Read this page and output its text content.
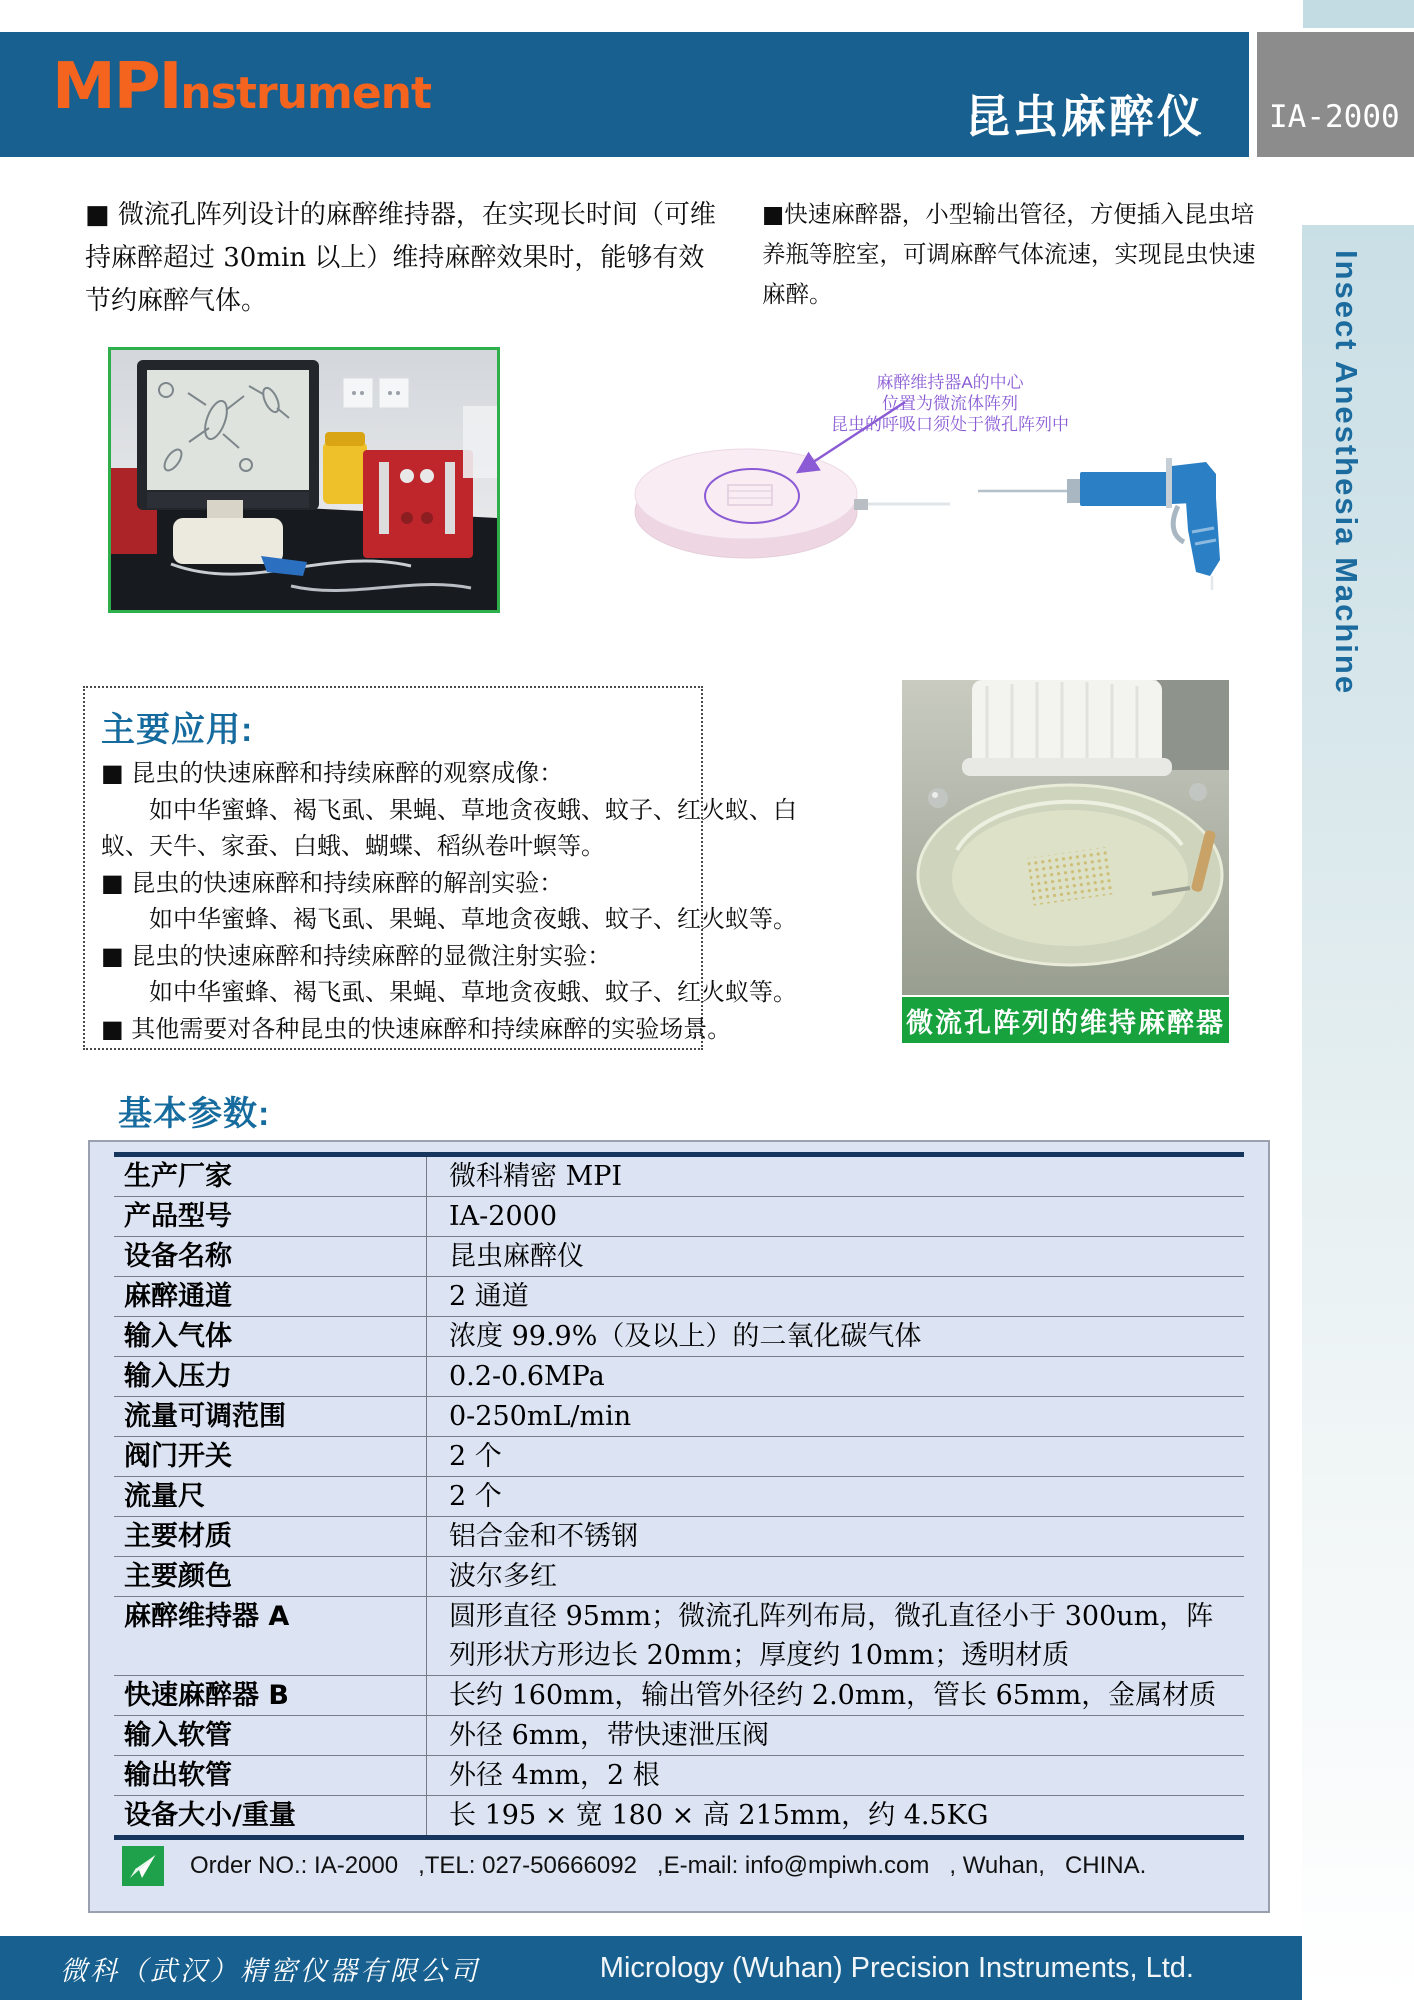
MPInstrument	昆虫麻醉仪 IA-2000
■ 微流孔阵列设计的麻醉维持器，在实现长时间（可维持麻醉超过 30min 以上）维持麻醉效果时，能够有效节约麻醉气体。
■快速麻醉器，小型输出管径，方便插入昆虫培养瓶等腔室，可调麻醉气体流速，实现昆虫快速麻醉。
麻醉维持器A的中心
位置为微流体阵列
昆虫的呼吸口须处于微孔阵列中	Insect Anesthesia Machine
主要应用:
■ 昆虫的快速麻醉和持续麻醉的观察成像：
如中华蜜蜂、褐飞虱、果蝇、草地贪夜蛾、蚊子、红火蚁、白
蚁、天牛、家蚕、白蛾、蝴蝶、稻纵卷叶螟等。
■ 昆虫的快速麻醉和持续麻醉的解剖实验：
如中华蜜蜂、褐飞虱、果蝇、草地贪夜蛾、蚊子、红火蚁等。
■ 昆虫的快速麻醉和持续麻醉的显微注射实验：
如中华蜜蜂、褐飞虱、果蝇、草地贪夜蛾、蚊子、红火蚁等。
■ 其他需要对各种昆虫的快速麻醉和持续麻醉的实验场景。	微流孔阵列的维持麻醉器
基本参数:
生产厂家	微科精密 MPI
产品型号	IA-2000
设备名称	昆虫麻醉仪
麻醉通道	2 通道
输入气体	浓度 99.9%（及以上）的二氧化碳气体
输入压力	0.2-0.6MPa
流量可调范围	0-250mL/min
阀门开关	2 个
流量尺	2 个
主要材质	铝合金和不锈钢
主要颜色	波尔多红
麻醉维持器 A	圆形直径 95mm；微流孔阵列布局，微孔直径小于 300um，阵列形状方形边长 20mm；厚度约 10mm；透明材质
快速麻醉器 B	长约 160mm，输出管外径约 2.0mm，管长 65mm，金属材质
输入软管	外径 6mm，带快速泄压阀
输出软管	外径 4mm，2 根
设备大小/重量	长 195 × 宽 180 × 高 215mm，约 4.5KG
Order NO.: IA-2000   ,TEL: 027-50666092   ,E-mail: info@mpiwh.com   , Wuhan,   CHINA.
微科（武汉）精密仪器有限公司	Micrology (Wuhan) Precision Instruments, Ltd.
